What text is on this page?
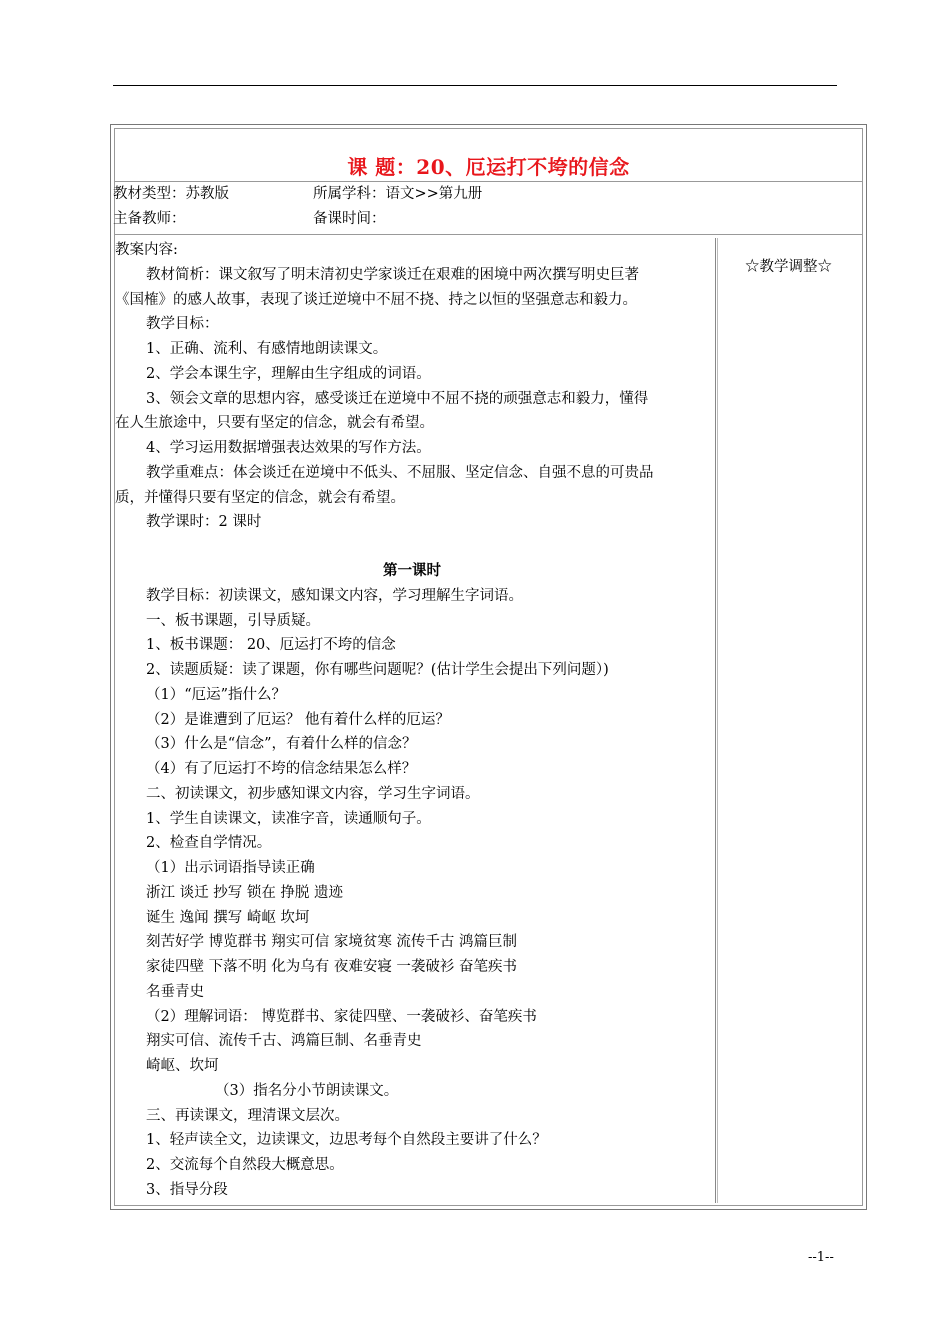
课 题：20、厄运打不垮的信念
教材类型：苏教版	所属学科：语文>>第九册
主备教师：	备课时间：
教案内容:
教材简析：课文叙写了明末清初史学家谈迁在艰难的困境中两次撰写明史巨著
《国榷》的感人故事，表现了谈迁逆境中不屈不挠、持之以恒的坚强意志和毅力。
教学目标：
1、正确、流利、有感情地朗读课文。
2、学会本课生字，理解由生字组成的词语。
3、领会文章的思想内容，感受谈迁在逆境中不屈不挠的顽强意志和毅力，懂得
在人生旅途中，只要有坚定的信念，就会有希望。
4、学习运用数据增强表达效果的写作方法。
教学重难点：体会谈迁在逆境中不低头、不屈服、坚定信念、自强不息的可贵品
质，并懂得只要有坚定的信念，就会有希望。
教学课时：2 课时
第一课时
教学目标：初读课文，感知课文内容，学习理解生字词语。
一、板书课题，引导质疑。
1、板书课题： 20、厄运打不垮的信念
2、读题质疑：读了课题，你有哪些问题呢？(估计学生会提出下列问题）)
（1）“厄运”指什么？
（2）是谁遭到了厄运？ 他有着什么样的厄运？
（3）什么是“信念”，有着什么样的信念？
（4）有了厄运打不垮的信念结果怎么样？
二、初读课文，初步感知课文内容，学习生字词语。
1、学生自读课文，读准字音，读通顺句子。
2、检查自学情况。
（1）出示词语指导读正确
浙江 谈迁 抄写 锁在 挣脱 遗迹
诞生 逸闻 撰写 崎岖 坎坷
刻苦好学 博览群书 翔实可信 家境贫寒 流传千古 鸿篇巨制
家徒四壁 下落不明 化为乌有 夜难安寝 一袭破衫 奋笔疾书
名垂青史
（2）理解词语： 博览群书、家徒四壁、一袭破衫、奋笔疾书
翔实可信、流传千古、鸿篇巨制、名垂青史
崎岖、坎坷
（3）指名分小节朗读课文。
三、再读课文，理清课文层次。
1、轻声读全文，边读课文，边思考每个自然段主要讲了什么？
2、交流每个自然段大概意思。
3、指导分段
☆教学调整☆
--1--
